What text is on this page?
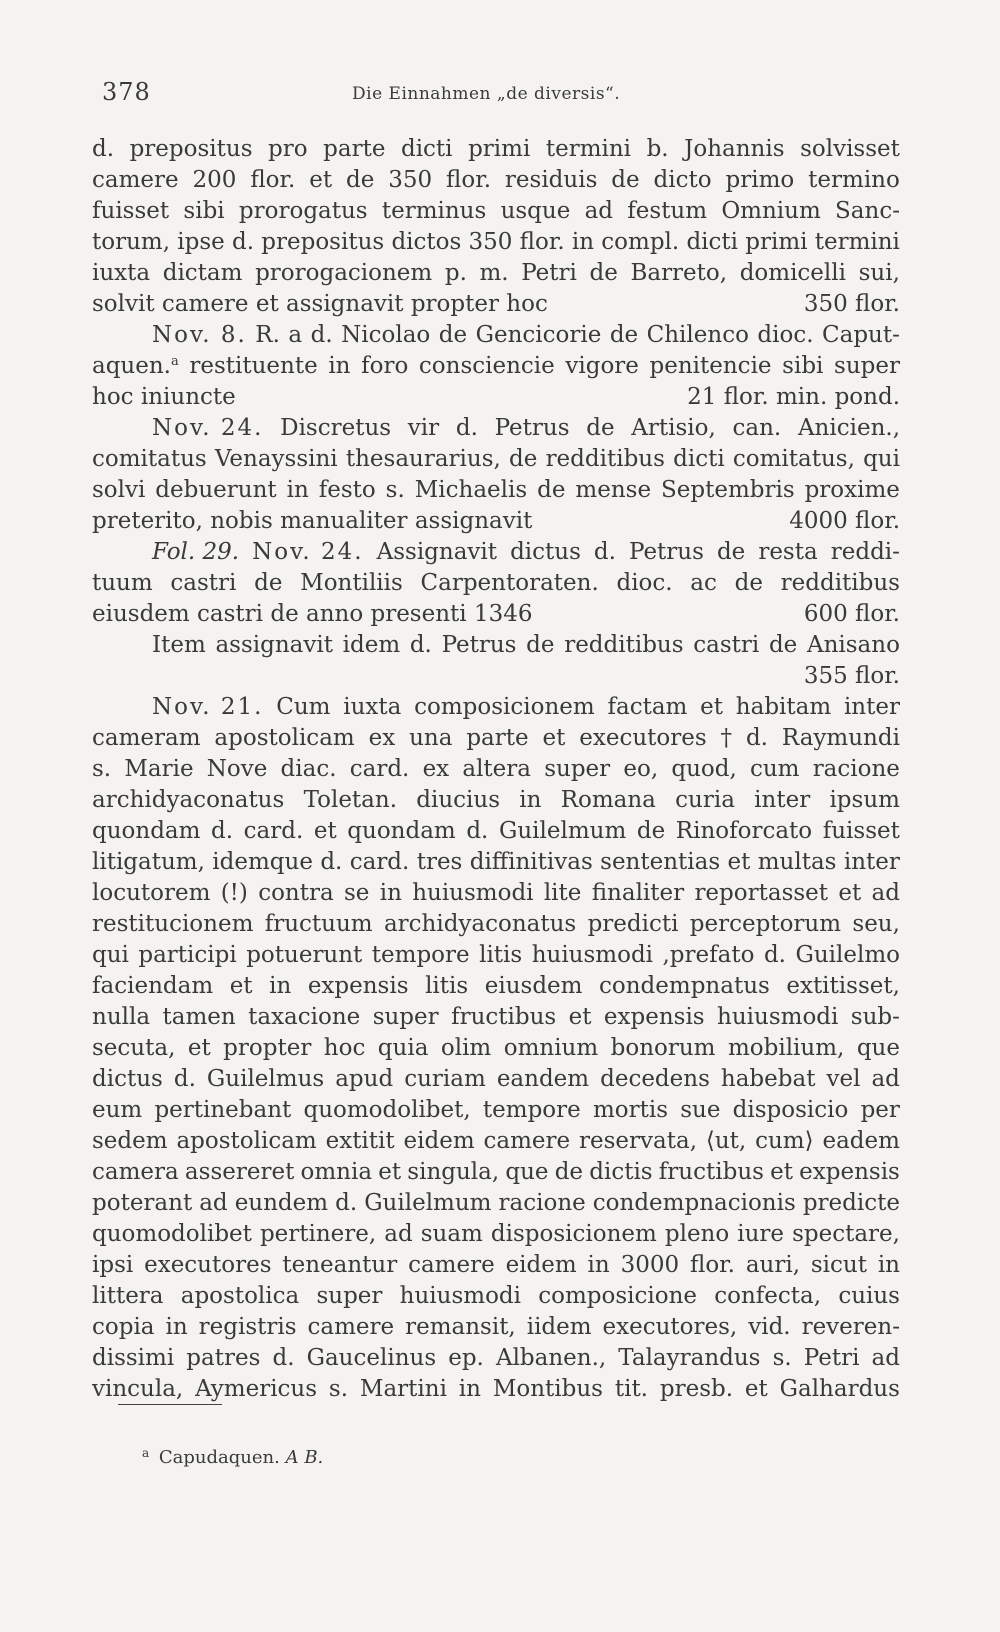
378	Die Einnahmen „de diversis“.
d. prepositus pro parte dicti primi termini b. Johannis solvisset
camere 200 flor. et de 350 flor. residuis de dicto primo termino
fuisset sibi prorogatus terminus usque ad festum Omnium Sanc-
torum, ipse d. prepositus dictos 350 flor. in compl. dicti primi termini
iuxta dictam prorogacionem p. m. Petri de Barreto, domicelli sui,
solvit camere et assignavit propter hoc	350 flor.
Nov. 8. R. a d. Nicolao de Gencicorie de Chilenco dioc. Caput-
aquen.$^a$ restituente in foro consciencie vigore penitencie sibi super
hoc iniuncte	21 flor. min. pond.
Nov. 24. Discretus vir d. Petrus de Artisio, can. Anicien.,
comitatus Venayssini thesaurarius, de redditibus dicti comitatus, qui
solvi debuerunt in festo s. Michaelis de mense Septembris proxime
preterito, nobis manualiter assignavit	4000 flor.
Fol. 29. Nov. 24. Assignavit dictus d. Petrus de resta reddi-
tuum castri de Montiliis Carpentoraten. dioc. ac de redditibus
eiusdem castri de anno presenti 1346	600 flor.
Item assignavit idem d. Petrus de redditibus castri de Anisano
355 flor.
Nov. 21. Cum iuxta composicionem factam et habitam inter
cameram apostolicam ex una parte et executores † d. Raymundi
s. Marie Nove diac. card. ex altera super eo, quod, cum racione
archidyaconatus Toletan. diucius in Romana curia inter ipsum
quondam d. card. et quondam d. Guilelmum de Rinoforcato fuisset
litigatum, idemque d. card. tres diffinitivas sententias et multas inter
locutorem (!) contra se in huiusmodi lite finaliter reportasset et ad
restitucionem fructuum archidyaconatus predicti perceptorum seu,
qui participi potuerunt tempore litis huiusmodi ,prefato d. Guilelmo
faciendam et in expensis litis eiusdem condempnatus extitisset,
nulla tamen taxacione super fructibus et expensis huiusmodi sub-
secuta, et propter hoc quia olim omnium bonorum mobilium, que
dictus d. Guilelmus apud curiam eandem decedens habebat vel ad
eum pertinebant quomodolibet, tempore mortis sue disposicio per
sedem apostolicam extitit eidem camere reservata, ⟨ut, cum⟩ eadem
camera assereret omnia et singula, que de dictis fructibus et expensis
poterant ad eundem d. Guilelmum racione condempnacionis predicte
quomodolibet pertinere, ad suam disposicionem pleno iure spectare,
ipsi executores teneantur camere eidem in 3000 flor. auri, sicut in
littera apostolica super huiusmodi composicione confecta, cuius
copia in registris camere remansit, iidem executores, vid. reveren-
dissimi patres d. Gaucelinus ep. Albanen., Talayrandus s. Petri ad
vincula, Aymericus s. Martini in Montibus tit. presb. et Galhardus
$^a$ Capudaquen. A B.
